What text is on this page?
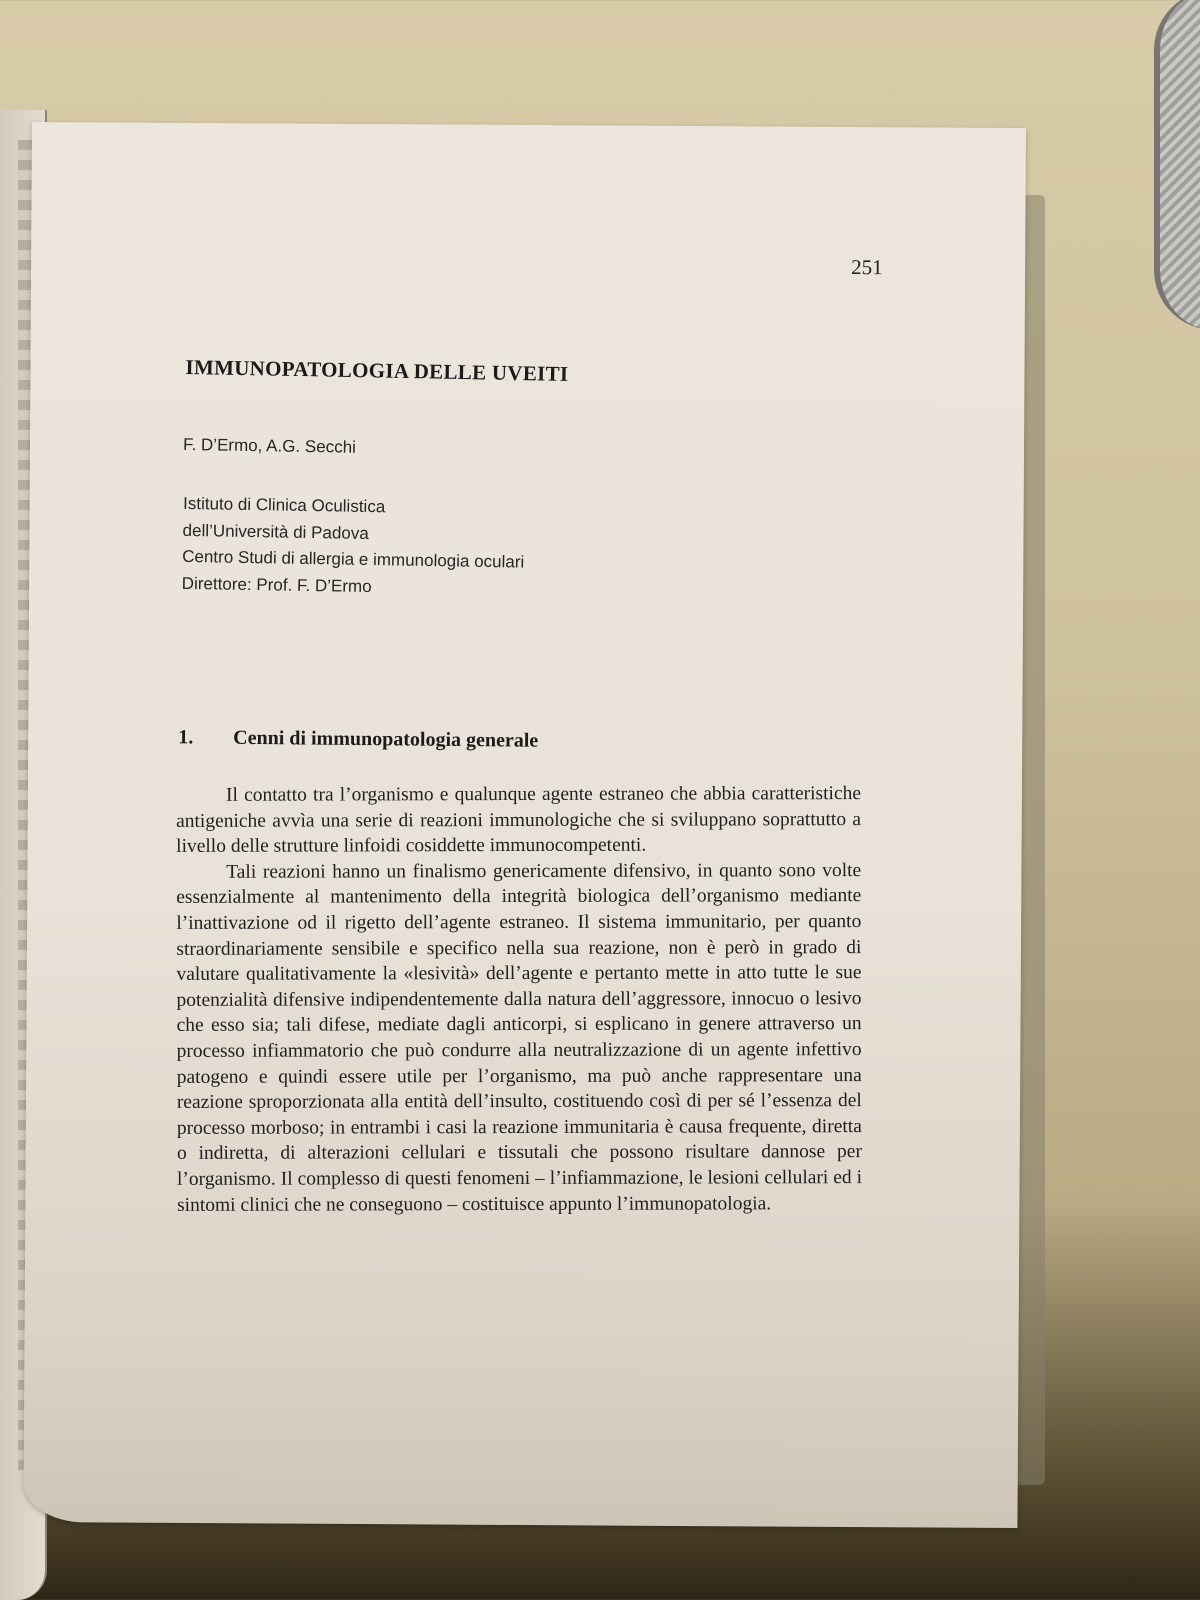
251
IMMUNOPATOLOGIA DELLE UVEITI
F. D’Ermo, A.G. Secchi
Istituto di Clinica Oculistica
dell’Università di Padova
Centro Studi di allergia e immunologia oculari
Direttore: Prof. F. D’Ermo
1. Cenni di immunopatologia generale

Il contatto tra l’organismo e qualunque agente estraneo che abbia caratteristiche antigeniche avvìa una serie di reazioni immunologiche che si sviluppano soprattutto a livello delle strutture linfoidi cosiddette immunocompetenti.

Tali reazioni hanno un finalismo genericamente difensivo, in quanto sono volte essenzialmente al mantenimento della integrità biologica dell’organismo mediante l’inattivazione od il rigetto dell’agente estraneo. Il sistema immunitario, per quanto straordinariamente sensibile e specifico nella sua reazione, non è però in grado di valutare qualitativamente la «lesività» dell’agente e pertanto mette in atto tutte le sue potenzialità difensive indipendentemente dalla natura dell’aggressore, innocuo o lesivo che esso sia; tali difese, mediate dagli anticorpi, si esplicano in genere attraverso un processo infiammatorio che può condurre alla neutralizzazione di un agente infettivo patogeno e quindi essere utile per l’organismo, ma può anche rappresentare una reazione sproporzionata alla entità dell’insulto, costituendo così di per sé l’essenza del processo morboso; in entrambi i casi la reazione immunitaria è causa frequente, diretta o indiretta, di alterazioni cellulari e tissutali che possono risultare dannose per l’organismo. Il complesso di questi fenomeni – l’infiammazione, le lesioni cellulari ed i sintomi clinici che ne conseguono – costituisce appunto l’immunopatologia.
